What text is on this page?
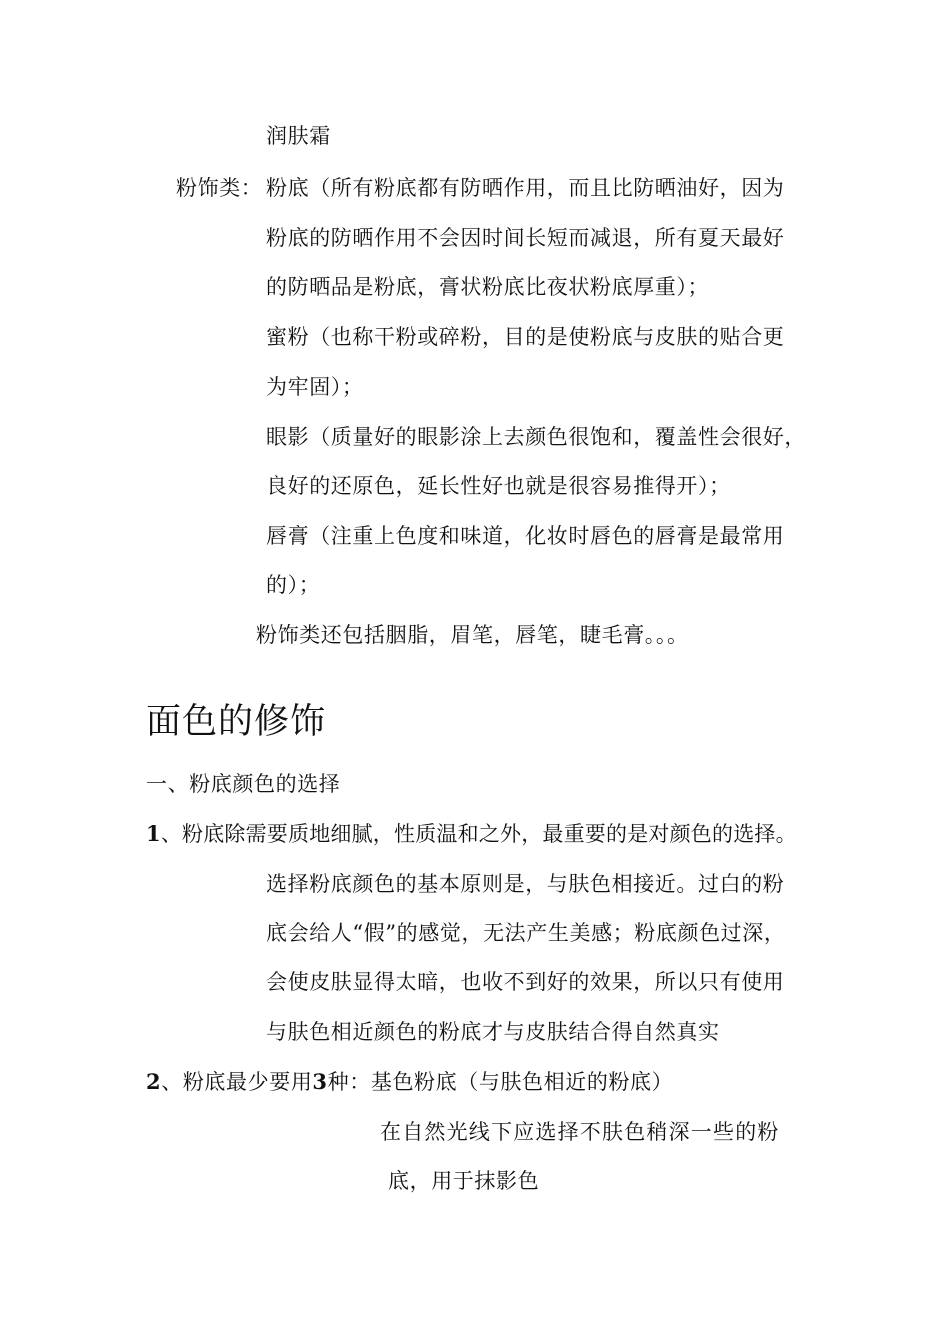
润肤霜
粉饰类： 粉底（所有粉底都有防晒作用，而且比防晒油好，因为
粉底的防晒作用不会因时间长短而减退，所有夏天最好
的防晒品是粉底，膏状粉底比夜状粉底厚重）；
蜜粉（也称干粉或碎粉，目的是使粉底与皮肤的贴合更
为牢固）；
眼影（质量好的眼影涂上去颜色很饱和，覆盖性会很好，
良好的还原色，延长性好也就是很容易推得开）；
唇膏（注重上色度和味道，化妆时唇色的唇膏是最常用
的）；
粉饰类还包括胭脂，眉笔，唇笔，睫毛膏。。。
面色的修饰
一、粉底颜色的选择
1、粉底除需要质地细腻，性质温和之外，最重要的是对颜色的选择。
选择粉底颜色的基本原则是，与肤色相接近。过白的粉
底会给人“假”的感觉，无法产生美感；粉底颜色过深，
会使皮肤显得太暗，也收不到好的效果，所以只有使用
与肤色相近颜色的粉底才与皮肤结合得自然真实
2、粉底最少要用3种：基色粉底（与肤色相近的粉底）
在自然光线下应选择不肤色稍深一些的粉
底，用于抹影色
